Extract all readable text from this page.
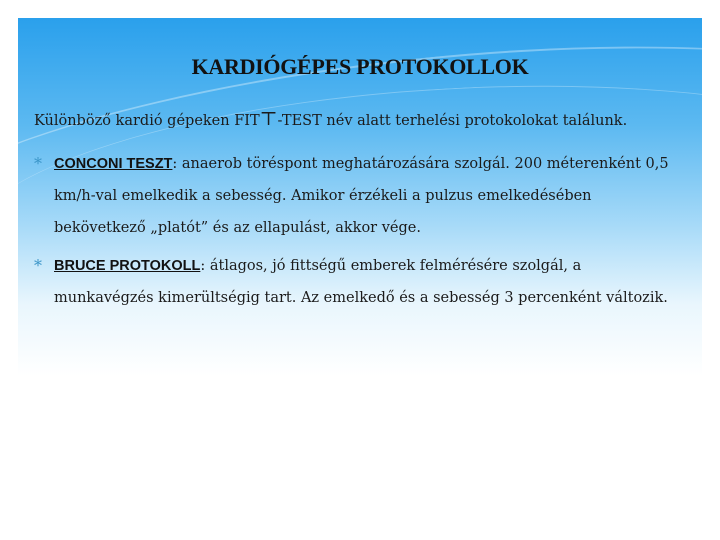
KARDIÓGÉPES PROTOKOLLOK
Különböző kardió gépeken FIT⊤-TEST név alatt terhelési protokolokat találunk.
* CONCONI TESZT: anaerob töréspont meghatározására szolgál. 200 méterenként 0,5 km/h-val emelkedik a sebesség. Amikor érzékeli a pulzus emelkedésében bekövetkező „platót” és az ellapulást, akkor vége.
* BRUCE PROTOKOLL: átlagos, jó fittségű emberek felmérésére szolgál, a munkavégzés kimerültségig tart. Az emelkedő és a sebesség 3 percenként változik.
